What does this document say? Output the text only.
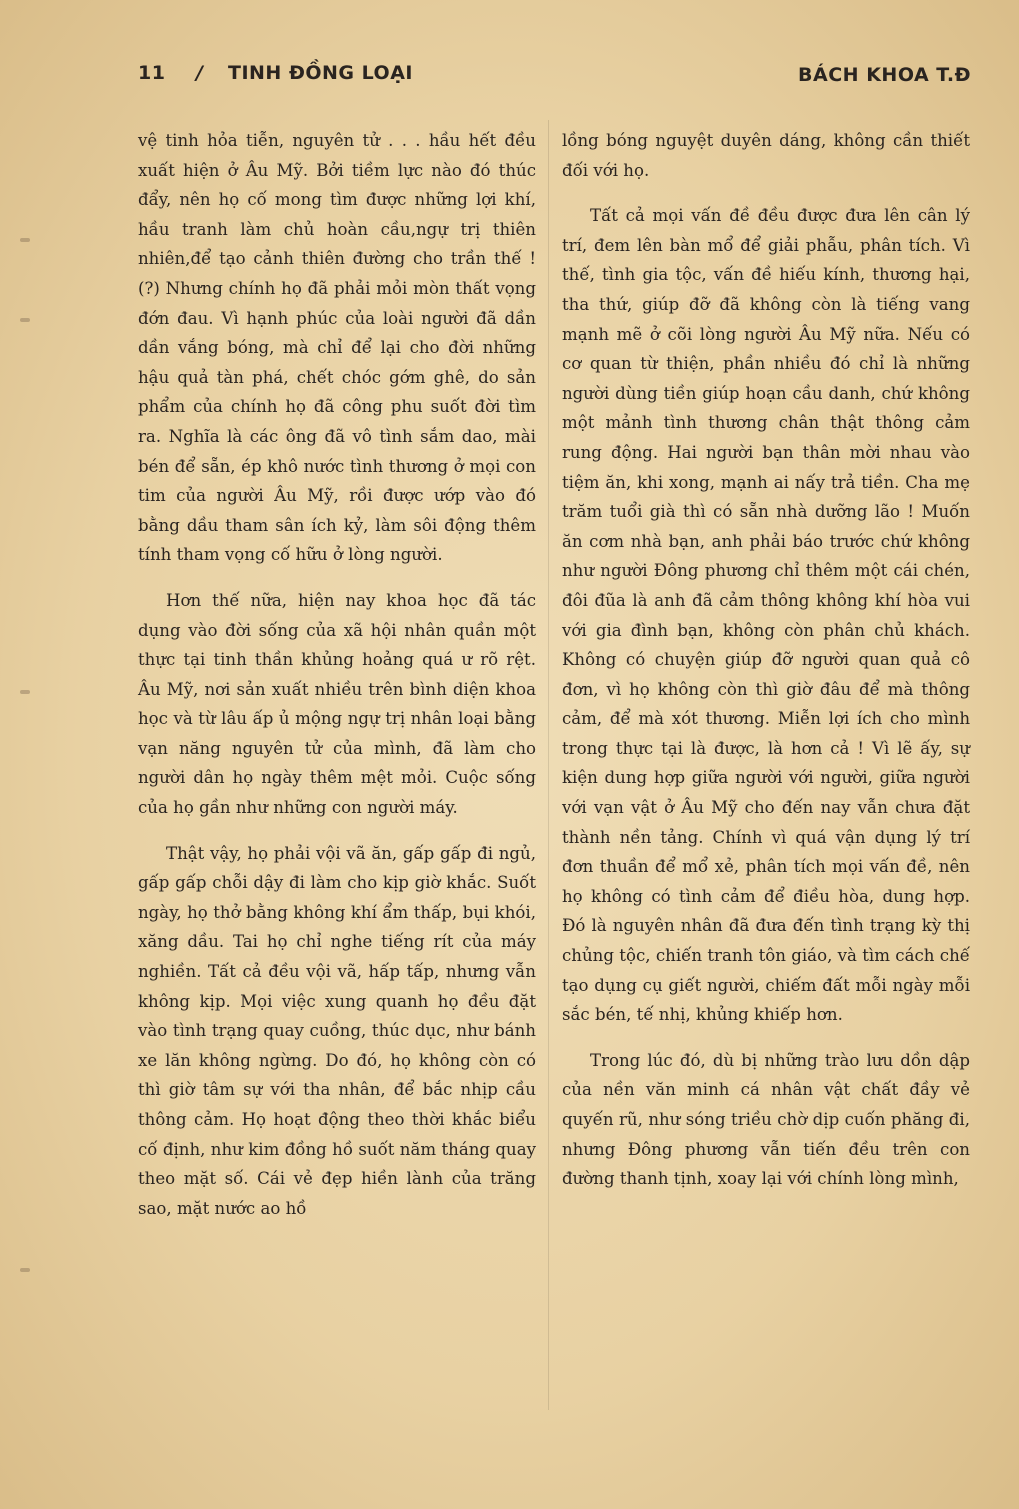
11 / TINH ĐỒNG LOẠI	BÁCH KHOA T.Đ

vệ tinh hỏa tiễn, nguyên tử . . . hầu hết đều xuất hiện ở Âu Mỹ. Bởi tiềm lực nào đó thúc đẩy, nên họ cố mong tìm được những lợi khí, hầu tranh làm chủ hoàn cầu,ngự trị thiên nhiên,để tạo cảnh thiên đường cho trần thế ! (?) Nhưng chính họ đã phải mỏi mòn thất vọng đớn đau. Vì hạnh phúc của loài người đã dần dần vắng bóng, mà chỉ để lại cho đời những hậu quả tàn phá, chết chóc gớm ghê, do sản phẩm của chính họ đã công phu suốt đời tìm ra. Nghĩa là các ông đã vô tình sắm dao, mài bén để sẵn, ép khô nước tình thương ở mọi con tim của người Âu Mỹ, rồi được ướp vào đó bằng dầu tham sân ích kỷ, làm sôi động thêm tính tham vọng cố hữu ở lòng người.

Hơn thế nữa, hiện nay khoa học đã tác dụng vào đời sống của xã hội nhân quần một thực tại tinh thần khủng hoảng quá ư rõ rệt. Âu Mỹ, nơi sản xuất nhiều trên bình diện khoa học và từ lâu ấp ủ mộng ngự trị nhân loại bằng vạn năng nguyên tử của mình, đã làm cho người dân họ ngày thêm mệt mỏi. Cuộc sống của họ gần như những con người máy.

Thật vậy, họ phải vội vã ăn, gấp gấp đi ngủ, gấp gấp chỗi dậy đi làm cho kịp giờ khắc. Suốt ngày, họ thở bằng không khí ẩm thấp, bụi khói, xăng dầu. Tai họ chỉ nghe tiếng rít của máy nghiền. Tất cả đều vội vã, hấp tấp, nhưng vẫn không kịp. Mọi việc xung quanh họ đều đặt vào tình trạng quay cuồng, thúc dục, như bánh xe lăn không ngừng. Do đó, họ không còn có thì giờ tâm sự với tha nhân, để bắc nhịp cầu thông cảm. Họ hoạt động theo thời khắc biểu cố định, như kim đồng hồ suốt năm tháng quay theo mặt số. Cái vẻ đẹp hiền lành của trăng sao, mặt nước ao hồ

lồng bóng nguyệt duyên dáng, không cần thiết đối với họ.

Tất cả mọi vấn đề đều được đưa lên cân lý trí, đem lên bàn mổ để giải phẫu, phân tích. Vì thế, tình gia tộc, vấn đề hiếu kính, thương hại, tha thứ, giúp đỡ đã không còn là tiếng vang mạnh mẽ ở cõi lòng người Âu Mỹ nữa. Nếu có cơ quan từ thiện, phần nhiều đó chỉ là những người dùng tiền giúp hoạn cầu danh, chứ không một mảnh tình thương chân thật thông cảm rung động. Hai người bạn thân mời nhau vào tiệm ăn, khi xong, mạnh ai nấy trả tiền. Cha mẹ trăm tuổi già thì có sẵn nhà dưỡng lão ! Muốn ăn cơm nhà bạn, anh phải báo trước chứ không như người Đông phương chỉ thêm một cái chén, đôi đũa là anh đã cảm thông không khí hòa vui với gia đình bạn, không còn phân chủ khách. Không có chuyện giúp đỡ người quan quả cô đơn, vì họ không còn thì giờ đâu để mà thông cảm, để mà xót thương. Miễn lợi ích cho mình trong thực tại là được, là hơn cả ! Vì lẽ ấy, sự kiện dung hợp giữa người với người, giữa người với vạn vật ở Âu Mỹ cho đến nay vẫn chưa đặt thành nền tảng. Chính vì quá vận dụng lý trí đơn thuần để mổ xẻ, phân tích mọi vấn đề, nên họ không có tình cảm để điều hòa, dung hợp. Đó là nguyên nhân đã đưa đến tình trạng kỳ thị chủng tộc, chiến tranh tôn giáo, và tìm cách chế tạo dụng cụ giết người, chiếm đất mỗi ngày mỗi sắc bén, tế nhị, khủng khiếp hơn.

Trong lúc đó, dù bị những trào lưu dồn dập của nền văn minh cá nhân vật chất đầy vẻ quyến rũ, như sóng triều chờ dịp cuốn phăng đi, nhưng Đông phương vẫn tiến đều trên con đường thanh tịnh, xoay lại với chính lòng mình,
